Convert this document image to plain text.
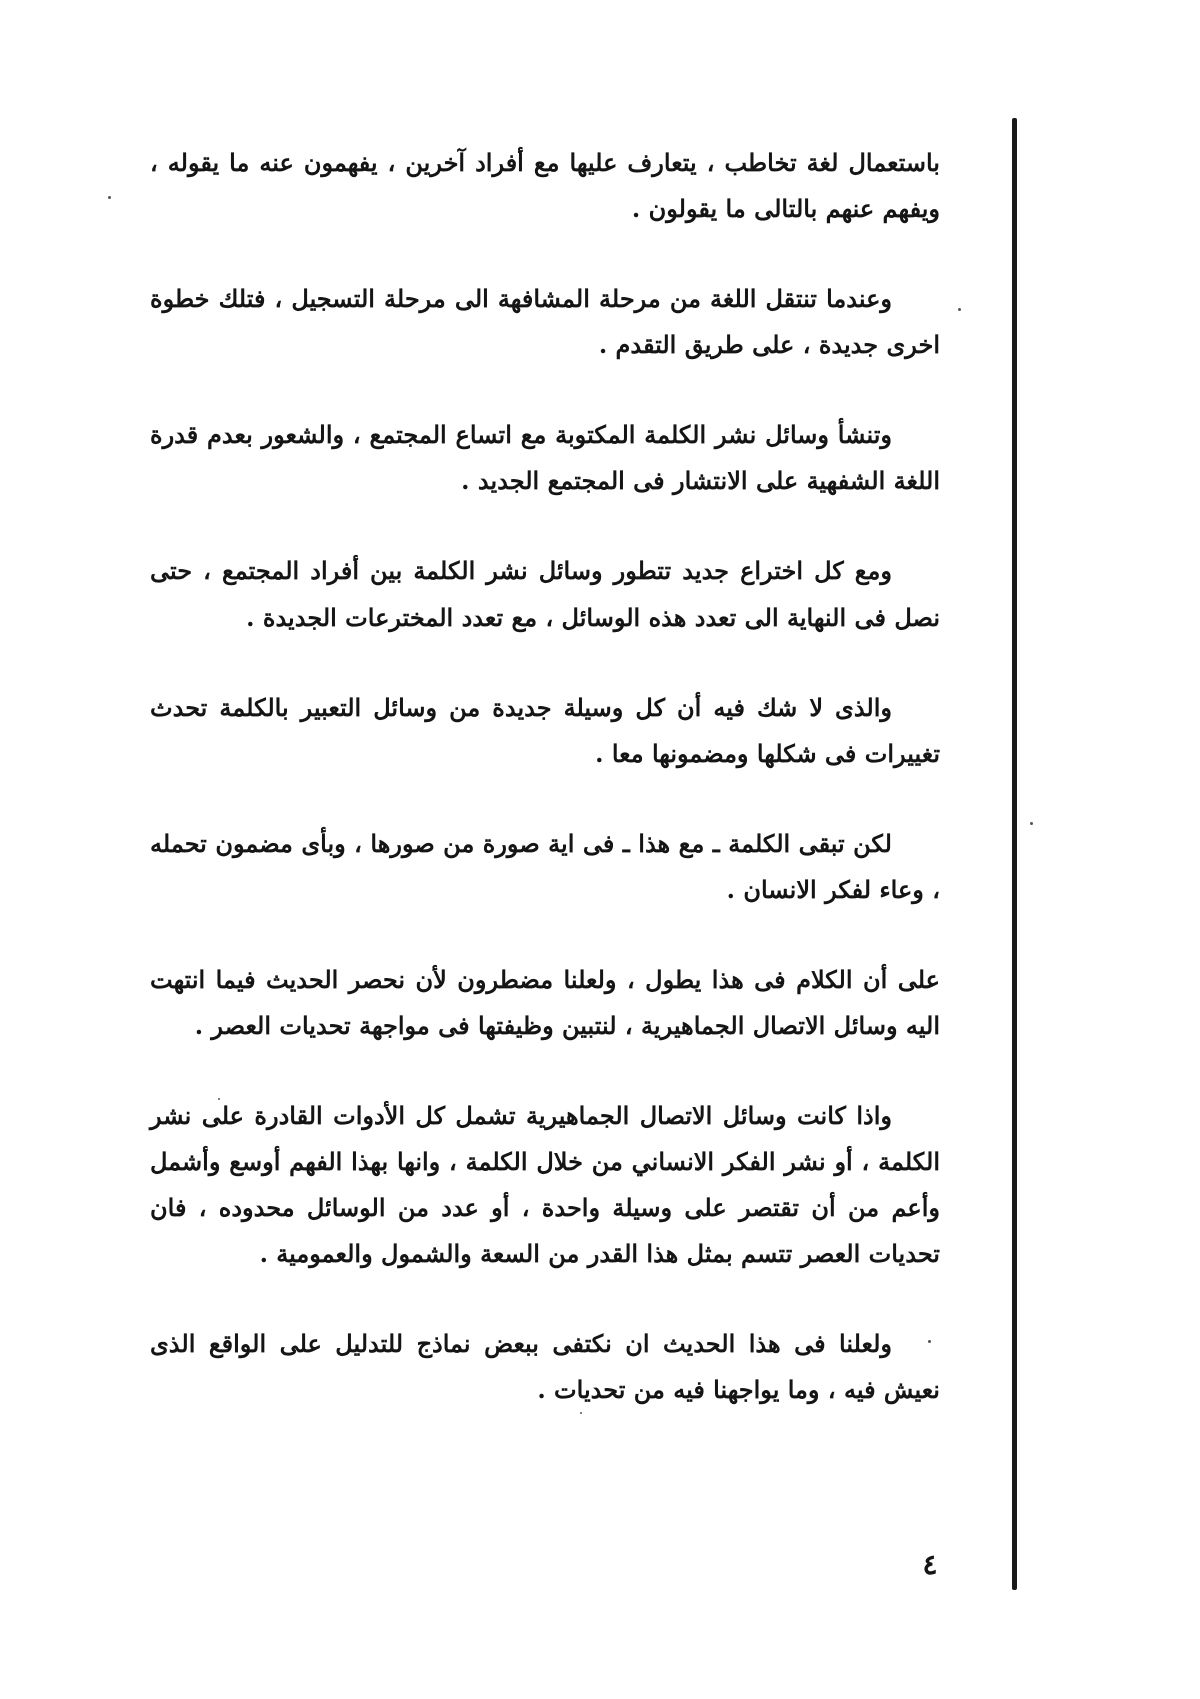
باستعمال لغة تخاطب ، يتعارف عليها مع أفراد آخرين ، يفهمون عنه ما يقوله ، ويفهم عنهم بالتالى ما يقولون .

وعندما تنتقل اللغة من مرحلة المشافهة الى مرحلة التسجيل ، فتلك خطوة اخرى جديدة ، على طريق التقدم .

وتنشأ وسائل نشر الكلمة المكتوبة مع اتساع المجتمع ، والشعور بعدم قدرة اللغة الشفهية على الانتشار فى المجتمع الجديد .

ومع كل اختراع جديد تتطور وسائل نشر الكلمة بين أفراد المجتمع ، حتى نصل فى النهاية الى تعدد هذه الوسائل ، مع تعدد المخترعات الجديدة .

والذى لا شك فيه أن كل وسيلة جديدة من وسائل التعبير بالكلمة تحدث تغييرات فى شكلها ومضمونها معا .

لكن تبقى الكلمة ـ مع هذا ـ فى اية صورة من صورها ، وبأى مضمون تحمله ، وعاء لفكر الانسان .

على أن الكلام فى هذا يطول ، ولعلنا مضطرون لأن نحصر الحديث فيما انتهت اليه وسائل الاتصال الجماهيرية ، لنتبين وظيفتها فى مواجهة تحديات العصر .

واذا كانت وسائل الاتصال الجماهيرية تشمل كل الأدوات القادرة على نشر الكلمة ، أو نشر الفكر الانساني من خلال الكلمة ، وانها بهذا الفهم أوسع وأشمل وأعم من أن تقتصر على وسيلة واحدة ، أو عدد من الوسائل محدوده ، فان تحديات العصر تتسم بمثل هذا القدر من السعة والشمول والعمومية .

ولعلنا فى هذا الحديث ان نكتفى ببعض نماذج للتدليل على الواقع الذى نعيش فيه ، وما يواجهنا فيه من تحديات .

٤
